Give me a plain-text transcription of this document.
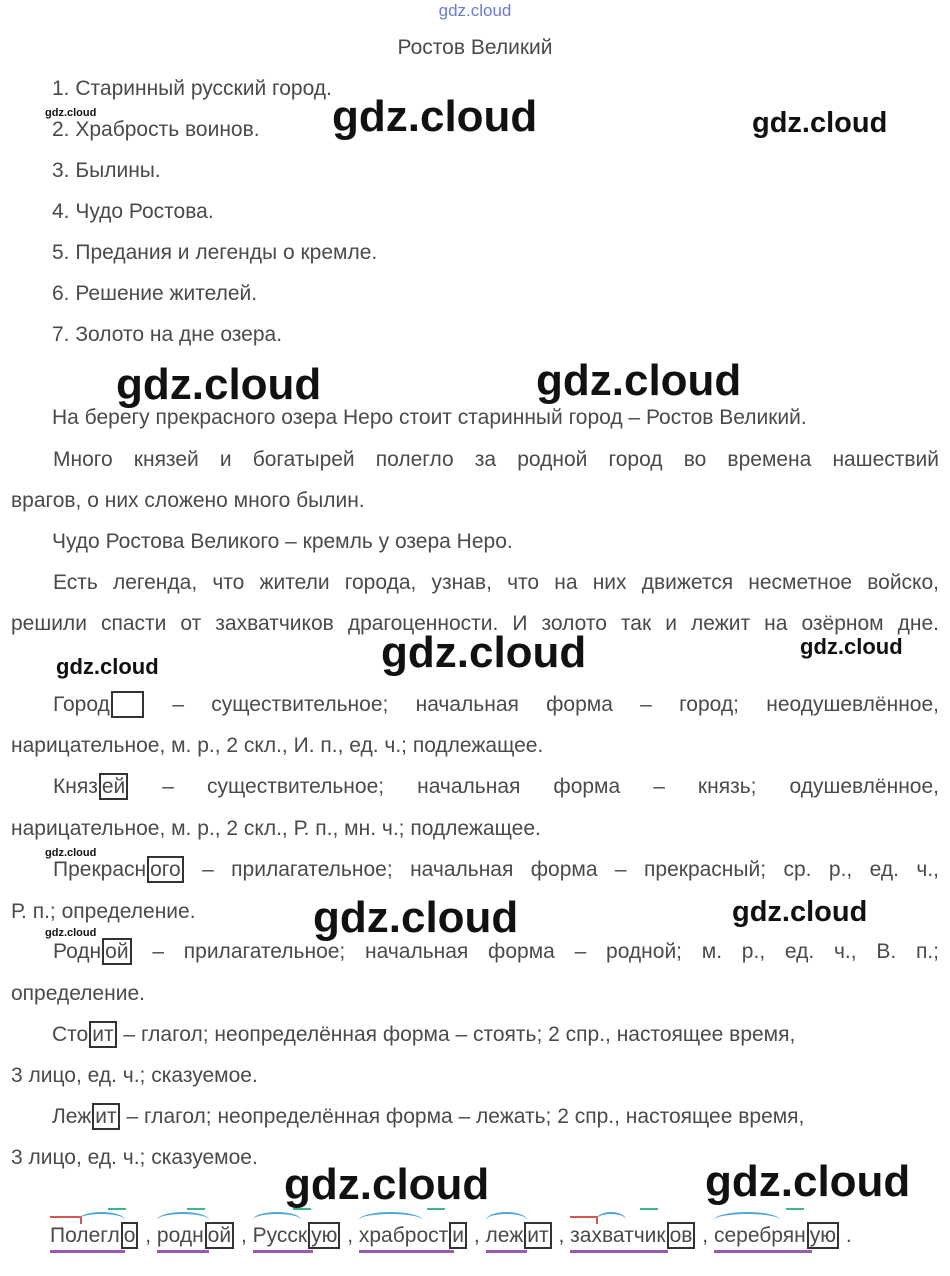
gdz.cloud
Ростов Великий
1. Старинный русский город.
2. Храбрость воинов.
3. Былины.
4. Чудо Ростова.
5. Предания и легенды о кремле.
6. Решение жителей.
7. Золото на дне озера.
На берегу прекрасного озера Неро стоит старинный город – Ростов Великий.
Много князей и богатырей полегло за родной город во времена нашествий
врагов, о них сложено много былин.
Чудо Ростова Великого – кремль у озера Неро.
Есть легенда, что жители города, узнав, что на них движется несметное войско,
решили спасти от захватчиков драгоценности. И золото так и лежит на озёрном дне.
Город  – существительное; начальная форма – город; неодушевлённое,
нарицательное, м. р., 2 скл., И. п., ед. ч.; подлежащее.
Княз ей – существительное; начальная форма – князь; одушевлённое,
нарицательное, м. р., 2 скл., Р. п., мн. ч.; подлежащее.
Прекрасн ого – прилагательное; начальная форма – прекрасный; ср. р., ед. ч.,
Р. п.; определение.
Родн ой – прилагательное; начальная форма – родной; м. р., ед. ч., В. п.;
определение.
Сто ит – глагол; неопределённая форма – стоять; 2 спр., настоящее время,
3 лицо, ед. ч.; сказуемое.
Леж ит – глагол; неопределённая форма – лежать; 2 спр., настоящее время,
3 лицо, ед. ч.; сказуемое.
Полегл о , родн ой , Русск ую , храброст и , леж ит , захватчик ов , серебрян ую .
gdz.cloud	gdz.cloud
gdz.cloud
gdz.cloud	gdz.cloud
gdz.cloud	gdz.cloud	gdz.cloud
gdz.cloud
gdz.cloud	gdz.cloud
gdz.cloud
gdz.cloud	gdz.cloud
